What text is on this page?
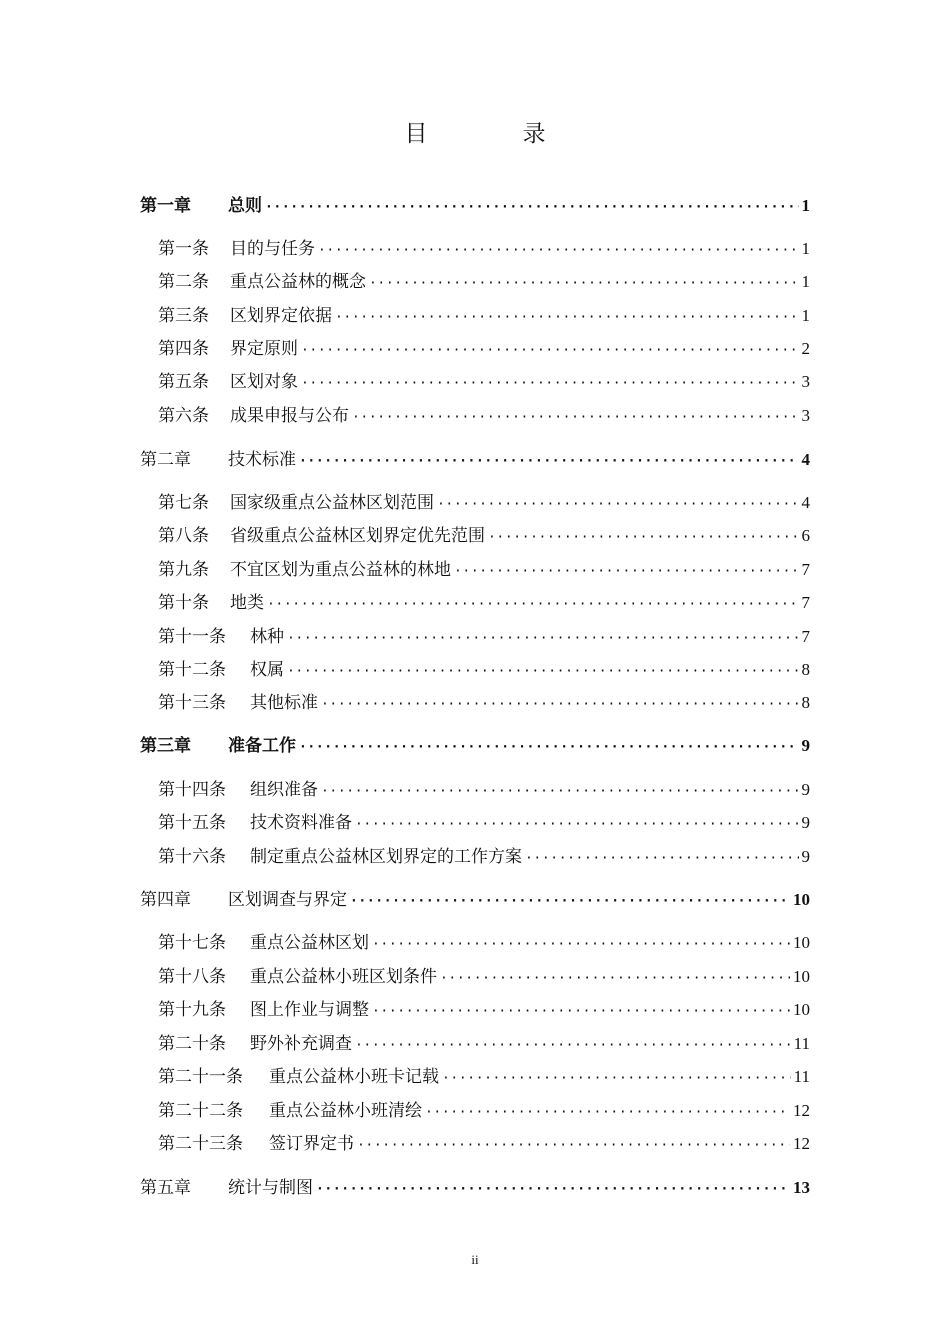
目　录
第一章	总则 ·····	1
第一条	目的与任务 ·····	1
第二条	重点公益林的概念 ·····	1
第三条	区划界定依据 ·····	1
第四条	界定原则 ·····	2
第五条	区划对象 ·····	3
第六条	成果申报与公布 ·····	3
第二章	技术标准 ·····	4
第七条	国家级重点公益林区划范围 ·····	4
第八条	省级重点公益林区划界定优先范围 ·····	6
第九条	不宜区划为重点公益林的林地 ·····	7
第十条	地类 ·····	7
第十一条	林种 ·····	7
第十二条	权属 ·····	8
第十三条	其他标准 ·····	8
第三章	准备工作 ·····	9
第十四条	组织准备 ·····	9
第十五条	技术资料准备 ·····	9
第十六条	制定重点公益林区划界定的工作方案 ·····	9
第四章	区划调查与界定 ·····	10
第十七条	重点公益林区划 ·····	10
第十八条	重点公益林小班区划条件 ·····	10
第十九条	图上作业与调整 ·····	10
第二十条	野外补充调查 ·····	11
第二十一条	重点公益林小班卡记载 ·····	11
第二十二条	重点公益林小班清绘 ·····	12
第二十三条	签订界定书 ·····	12
第五章	统计与制图 ·····	13
ii
